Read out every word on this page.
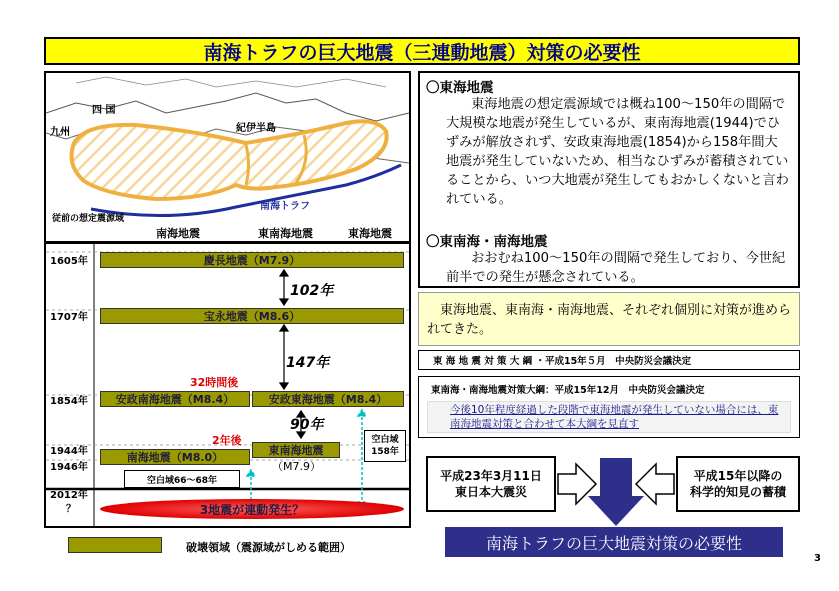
南海トラフの巨大地震（三連動地震）対策の必要性
四 国
九州	紀伊半島
南海トラフ
従前の想定震源域
南海地震	東南海地震	東海地震
1605年
1707年
1854年
1944年
1946年
2012年
？
慶長地震（M7.9）
宝永地震（M8.6）
安政南海地震（M8.4）	安政東海地震（M8.4）
南海地震（M8.0）
東南海地震
（M7.9）
102年
147年
90年
32時間後
2年後
空白域66～68年
空白域
158年
3地震が連動発生？
破壊領域（震源域がしめる範囲）
〇東海地震
東海地震の想定震源域では概ね100～150年の間隔で大規模な地震が発生しているが、東南海地震(1944)でひずみが解放されず、安政東海地震(1854)から158年間大地震が発生していないため、相当なひずみが蓄積されていることから、いつ大地震が発生してもおかしくないと言われている。
〇東南海・南海地震
おおむね100～150年の間隔で発生しており、今世紀前半での発生が懸念されている。
東海地震、東南海・南海地震、それぞれ個別に対策が進められてきた。
東 海 地 震 対 策 大 綱 ・平成15年５月　中央防災会議決定
東南海・南海地震対策大綱：平成15年12月　中央防災会議決定
今後10年程度経過した段階で東海地震が発生していない場合には、東南海地震対策と合わせて本大綱を見直す
平成23年3月11日
東日本大震災
平成15年以降の
科学的知見の蓄積
南海トラフの巨大地震対策の必要性
3
